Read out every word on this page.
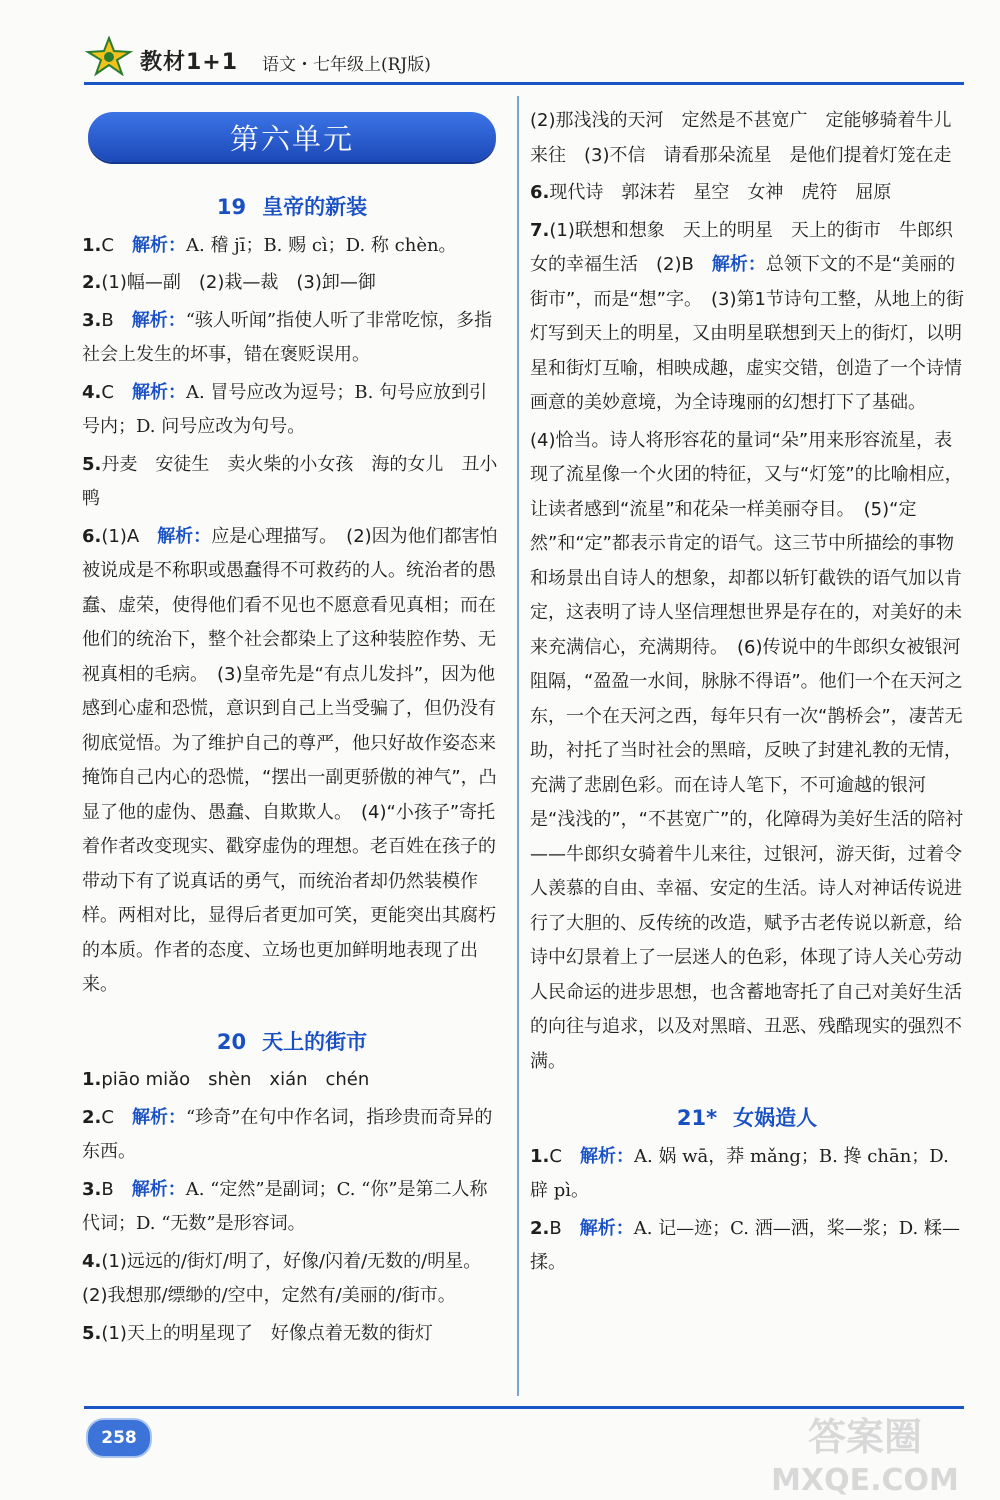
教材1+1 语文・七年级上(RJ版)
第六单元
19 皇帝的新装
1.C　 解析：A. 稽 jī；B. 赐 cì；D. 称 chèn。
2.(1)幅—副　(2)栽—裁　(3)卸—御
3.B　 解析：“骇人听闻”指使人听了非常吃惊，多指社会上发生的坏事，错在褒贬误用。
4.C　 解析：A. 冒号应改为逗号；B. 句号应放到引号内；D. 问号应改为句号。
5.丹麦　安徒生　卖火柴的小女孩　海的女儿　丑小鸭
6.(1)A　 解析：应是心理描写。　(2)因为他们都害怕被说成是不称职或愚蠢得不可救药的人。统治者的愚蠢、虚荣，使得他们看不见也不愿意看见真相；而在他们的统治下，整个社会都染上了这种装腔作势、无视真相的毛病。　(3)皇帝先是“有点儿发抖”，因为他感到心虚和恐慌，意识到自己上当受骗了，但仍没有彻底觉悟。为了维护自己的尊严，他只好故作姿态来掩饰自己内心的恐慌，“摆出一副更骄傲的神气”，凸显了他的虚伪、愚蠢、自欺欺人。　(4)“小孩子”寄托着作者改变现实、戳穿虚伪的理想。老百姓在孩子的带动下有了说真话的勇气，而统治者却仍然装模作样。两相对比，显得后者更加可笑，更能突出其腐朽的本质。作者的态度、立场也更加鲜明地表现了出来。
20 天上的街市
1.piāo miǎo　shèn　xián　chén
2.C　 解析：“珍奇”在句中作名词，指珍贵而奇异的东西。
3.B　 解析：A. “定然”是副词；C. “你”是第二人称代词；D. “无数”是形容词。
4.(1)远远的/街灯/明了，好像/闪着/无数的/明星。　(2)我想那/缥缈的/空中，定然有/美丽的/街市。
5.(1)天上的明星现了　好像点着无数的街灯
(2)那浅浅的天河　定然是不甚宽广　定能够骑着牛儿来往　(3)不信　请看那朵流星　是他们提着灯笼在走
6.现代诗　郭沫若　星空　女神　虎符　屈原
7.(1)联想和想象　天上的明星　天上的街市　牛郎织女的幸福生活　(2)B　 解析：总领下文的不是“美丽的街市”，而是“想”字。　(3)第1节诗句工整，从地上的街灯写到天上的明星，又由明星联想到天上的街灯，以明星和街灯互喻，相映成趣，虚实交错，创造了一个诗情画意的美妙意境，为全诗瑰丽的幻想打下了基础。
(4)恰当。诗人将形容花的量词“朵”用来形容流星，表现了流星像一个火团的特征，又与“灯笼”的比喻相应，让读者感到“流星”和花朵一样美丽夺目。　(5)“定然”和“定”都表示肯定的语气。这三节中所描绘的事物和场景出自诗人的想象，却都以斩钉截铁的语气加以肯定，这表明了诗人坚信理想世界是存在的，对美好的未来充满信心，充满期待。　(6)传说中的牛郎织女被银河阻隔，“盈盈一水间，脉脉不得语”。他们一个在天河之东，一个在天河之西，每年只有一次“鹊桥会”，凄苦无助，衬托了当时社会的黑暗，反映了封建礼教的无情，充满了悲剧色彩。而在诗人笔下，不可逾越的银河是“浅浅的”，“不甚宽广”的，化障碍为美好生活的陪衬——牛郎织女骑着牛儿来往，过银河，游天街，过着令人羡慕的自由、幸福、安定的生活。诗人对神话传说进行了大胆的、反传统的改造，赋予古老传说以新意，给诗中幻景着上了一层迷人的色彩，体现了诗人关心劳动人民命运的进步思想，也含蓄地寄托了自己对美好生活的向往与追求，以及对黑暗、丑恶、残酷现实的强烈不满。
21* 女娲造人
1.C　 解析：A. 娲 wā，莽 mǎng；B. 搀 chān；D. 辟 pì。
2.B　 解析：A. 记—迹；C. 洒—洒，桨—浆；D. 糅—揉。
258	答案圈
MXQE.COM
